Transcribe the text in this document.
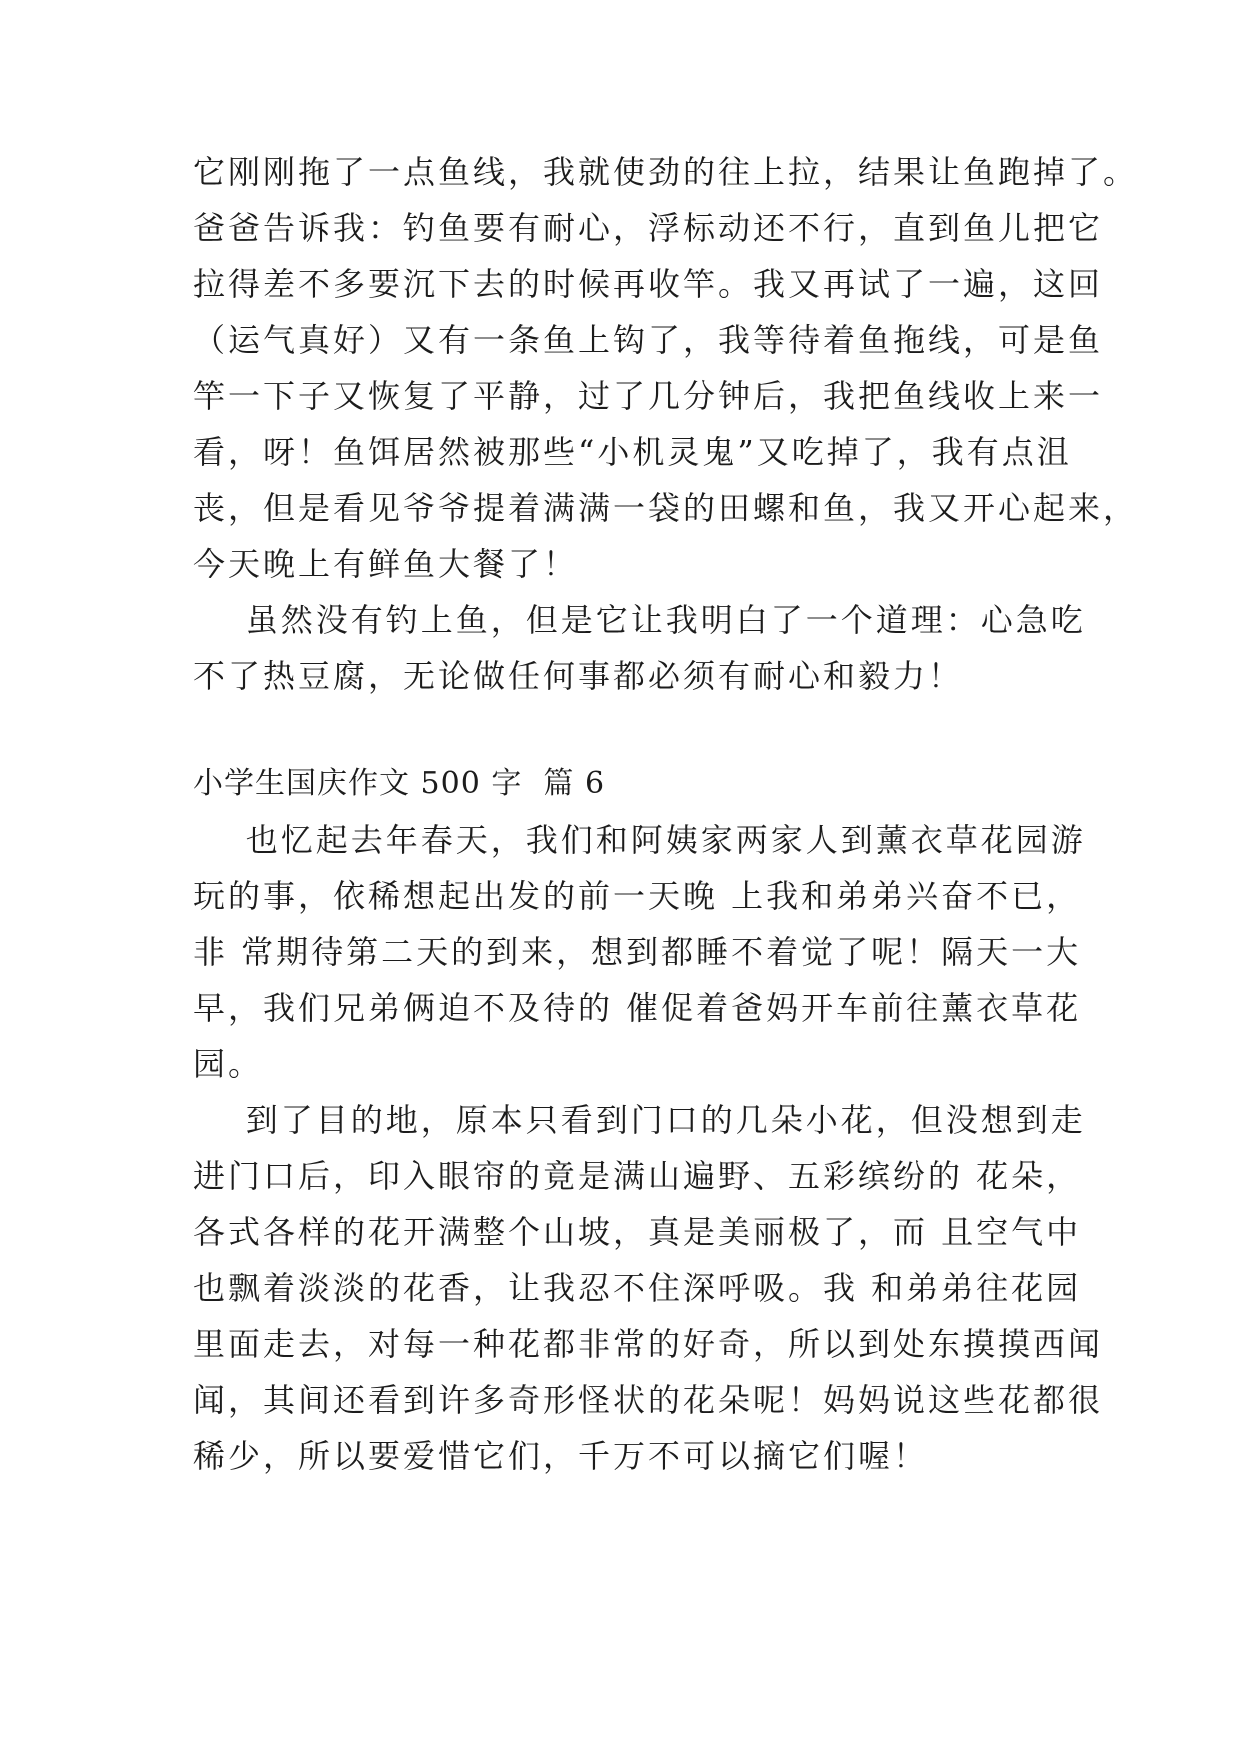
它刚刚拖了一点鱼线，我就使劲的往上拉，结果让鱼跑掉了。
爸爸告诉我：钓鱼要有耐心，浮标动还不行，直到鱼儿把它
拉得差不多要沉下去的时候再收竿。我又再试了一遍，这回
（运气真好）又有一条鱼上钩了，我等待着鱼拖线，可是鱼
竿一下子又恢复了平静，过了几分钟后，我把鱼线收上来一
看，呀！鱼饵居然被那些“小机灵鬼”又吃掉了，我有点沮
丧，但是看见爷爷提着满满一袋的田螺和鱼，我又开心起来，
今天晚上有鲜鱼大餐了！
虽然没有钓上鱼，但是它让我明白了一个道理：心急吃
不了热豆腐，无论做任何事都必须有耐心和毅力！
小学生国庆作文 500 字  篇 6
也忆起去年春天，我们和阿姨家两家人到薰衣草花园游
玩的事，依稀想起出发的前一天晚 上我和弟弟兴奋不已，
非 常期待第二天的到来，想到都睡不着觉了呢！隔天一大
早，我们兄弟俩迫不及待的 催促着爸妈开车前往薰衣草花
园。
到了目的地，原本只看到门口的几朵小花，但没想到走
进门口后，印入眼帘的竟是满山遍野、五彩缤纷的 花朵，
各式各样的花开满整个山坡，真是美丽极了，而 且空气中
也飘着淡淡的花香，让我忍不住深呼吸。我 和弟弟往花园
里面走去，对每一种花都非常的好奇，所以到处东摸摸西闻
闻，其间还看到许多奇形怪状的花朵呢！妈妈说这些花都很
稀少，所以要爱惜它们，千万不可以摘它们喔！
